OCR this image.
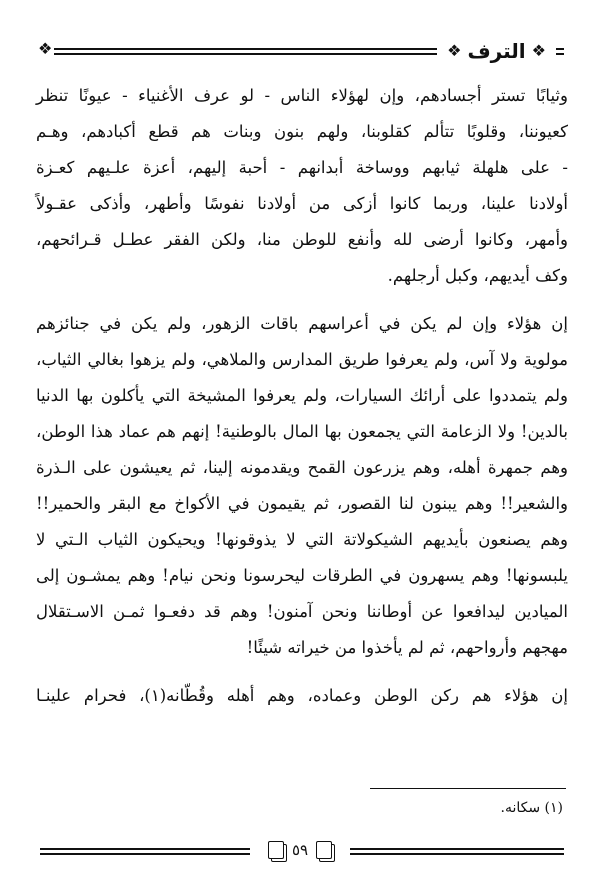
❖	❖ الترف ❖

وثيابًا تستر أجسادهم، وإن لهؤلاء الناس - لو عرف الأغنياء - عيونًا تنظر
كعيوننا، وقلوبًا تتألم كقلوبنا، ولهم بنون وبنات هم قطع أكبادهم، وهـم
- على هلهلة ثيابهم ووساخة أبدانهم - أحبة إليهم، أعزة علـيهم كعـزة
أولادنا علينا، وربما كانوا أزكى من أولادنا نفوسًا وأطهر، وأذكى عقـولاً
وأمهر، وكانوا أرضى لله وأنفع للوطن منا، ولكن الفقر عطـل قـرائحهم،
وكف أيديهم، وكبل أرجلهم.

إن هؤلاء وإن لم يكن في أعراسهم باقات الزهور، ولم يكن في جنائزهم
مولوية ولا آس، ولم يعرفوا طريق المدارس والملاهي، ولم يزهوا بغالي الثياب،
ولم يتمددوا على أرائك السيارات، ولم يعرفوا المشيخة التي يأكلون بها الدنيا
بالدين! ولا الزعامة التي يجمعون بها المال بالوطنية! إنهم هم عماد هذا الوطن،
وهم جمهرة أهله، وهم يزرعون القمح ويقدمونه إلينا، ثم يعيشون على الـذرة
والشعير!! وهم يبنون لنا القصور، ثم يقيمون في الأكواخ مع البقر والحمير!!
وهم يصنعون بأيديهم الشيكولاتة التي لا يذوقونها! ويحيكون الثياب الـتي لا
يلبسونها! وهم يسهرون في الطرقات ليحرسونا ونحن نيام! وهم يمشـون إلى
الميادين ليدافعوا عن أوطاننا ونحن آمنون! وهم قد دفعـوا ثمـن الاسـتقلال
مهجهم وأرواحهم، ثم لم يأخذوا من خيراته شيئًا!

إن هؤلاء هم ركن الوطن وعماده، وهم أهله وقُطّانه(١)، فحرام علينـا

(١) سكانه.
٥٩
